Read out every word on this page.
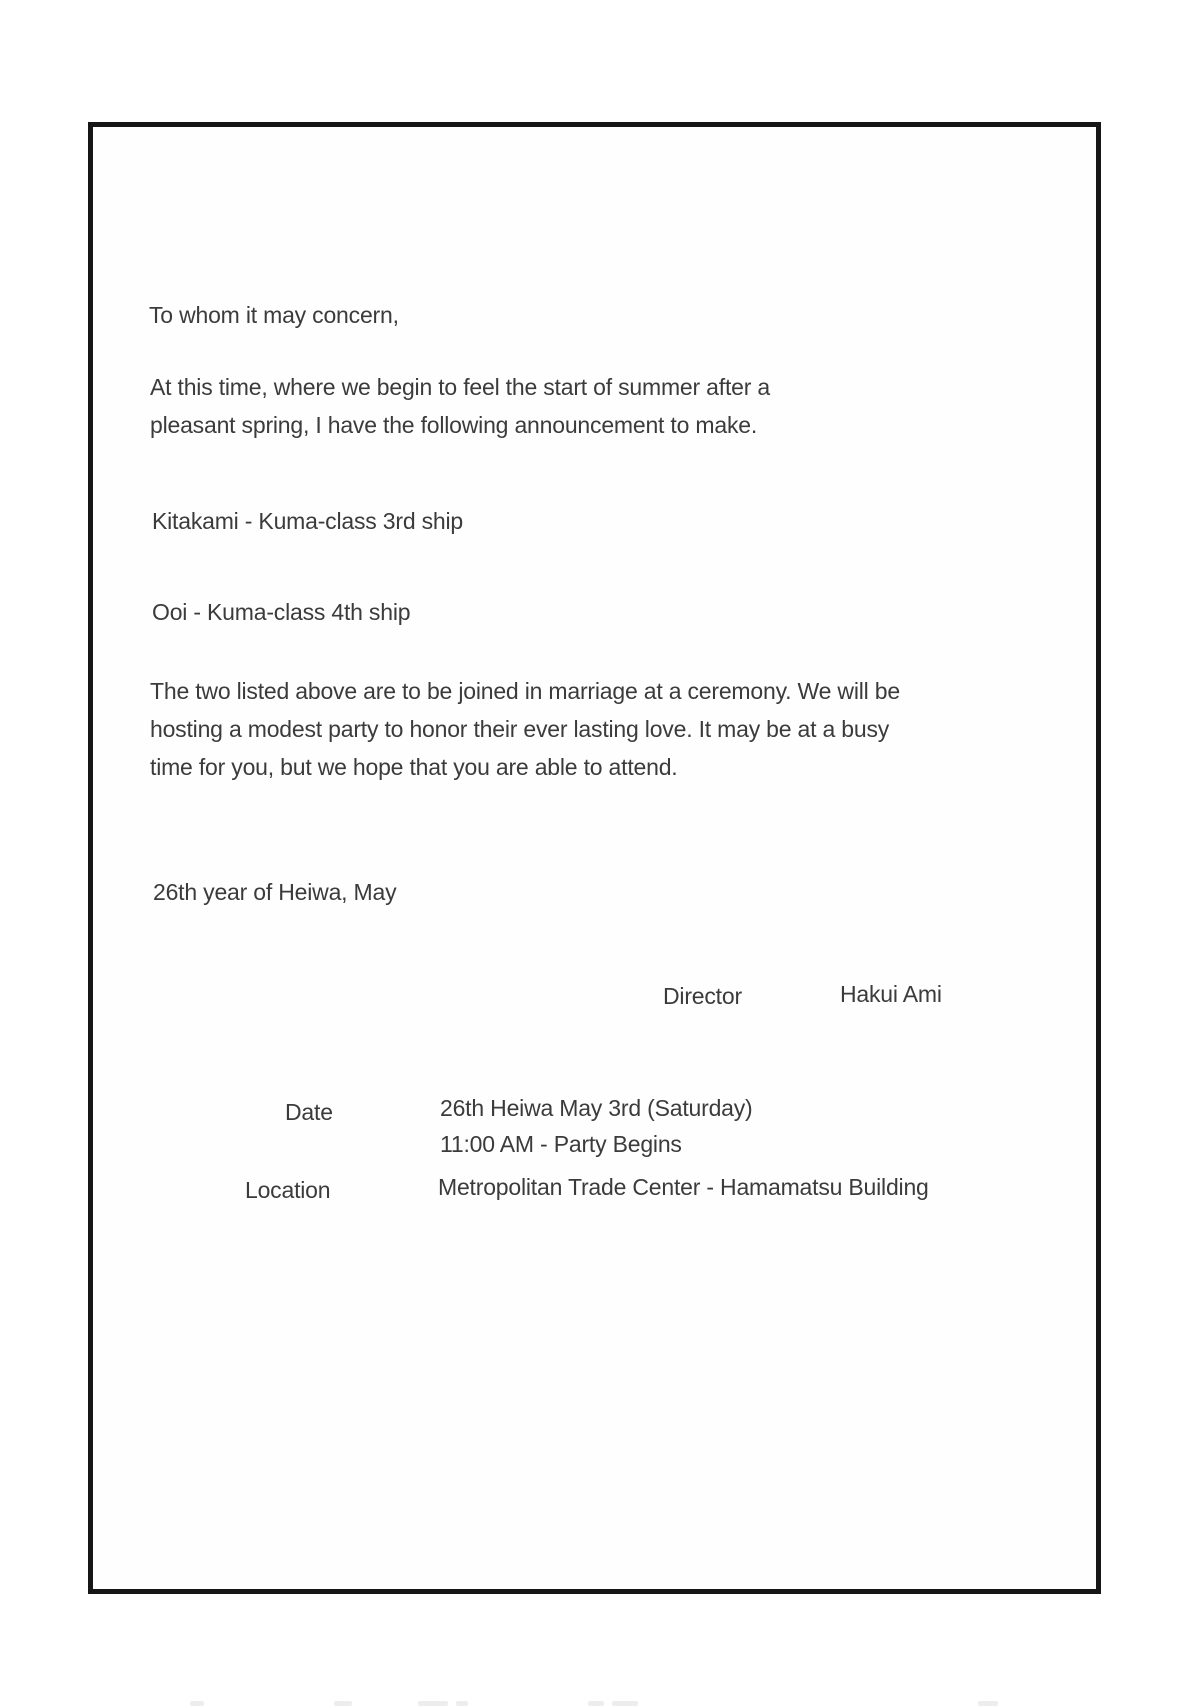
To whom it may concern,
At this time, where we begin to feel the start of summer after a
pleasant spring, I have the following announcement to make.
Kitakami - Kuma-class 3rd ship
Ooi - Kuma-class 4th ship
The two listed above are to be joined in marriage at a ceremony. We will be
hosting a modest party to honor their ever lasting love. It may be at a busy
time for you, but we hope that you are able to attend.
26th year of Heiwa, May
Director	Hakui Ami
Date	26th Heiwa May 3rd (Saturday)
11:00 AM - Party Begins
Location	Metropolitan Trade Center - Hamamatsu Building
